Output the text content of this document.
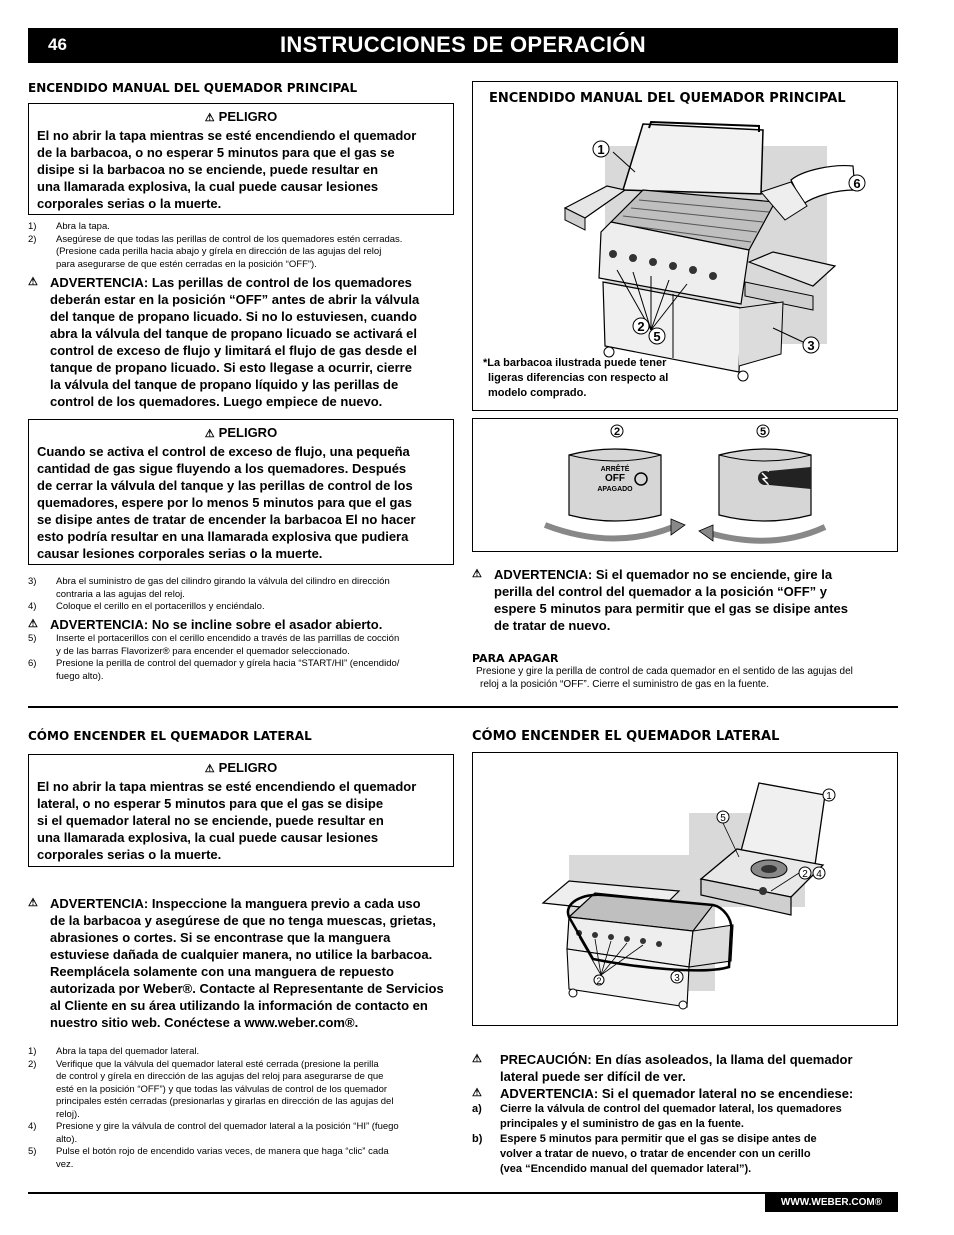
46	INSTRUCCIONES DE OPERACIÓN
ENCENDIDO MANUAL DEL QUEMADOR PRINCIPAL
⚠ PELIGRO
El no abrir la tapa mientras se esté encendiendo el quemador
de la barbacoa, o no esperar 5 minutos para que el gas se
disipe si la barbacoa no se enciende, puede resultar en
una llamarada explosiva, la cual puede causar lesiones
corporales serias o la muerte.
1)	Abra la tapa.
2)	Asegúrese de que todas las perillas de control de los quemadores estén cerradas.
(Presione cada perilla hacia abajo y gírela en dirección de las agujas del reloj
para asegurarse de que estén cerradas en la posición “OFF”).
⚠ ADVERTENCIA: Las perillas de control de los quemadores
deberán estar en la posición “OFF” antes de abrir la válvula
del tanque de propano licuado. Si no lo estuviesen, cuando
abra la válvula del tanque de propano licuado se activará el
control de exceso de flujo y limitará el flujo de gas desde el
tanque de propano licuado. Si esto llegase a ocurrir, cierre
la válvula del tanque de propano líquido y las perillas de
control de los quemadores. Luego empiece de nuevo.
⚠ PELIGRO
Cuando se activa el control de exceso de flujo, una pequeña
cantidad de gas sigue fluyendo a los quemadores. Después
de cerrar la válvula del tanque y las perillas de control de los
quemadores, espere por lo menos 5 minutos para que el gas
se disipe antes de tratar de encender la barbacoa El no hacer
esto podría resultar en una llamarada explosiva que pudiera
causar lesiones corporales serias o la muerte.
3)	Abra el suministro de gas del cilindro girando la válvula del cilindro en dirección
contraria a las agujas del reloj.
4)	Coloque el cerillo en el portacerillos y enciéndalo.
⚠ ADVERTENCIA: No se incline sobre el asador abierto.
5)	Inserte el portacerillos con el cerillo encendido a través de las parrillas de cocción
y de las barras Flavorizer® para encender el quemador seleccionado.
6)	Presione la perilla de control del quemador y gírela hacia “START/HI” (encendido/
fuego alto).
ENCENDIDO MANUAL DEL QUEMADOR PRINCIPAL
1
6
2
5
3
*La barbacoa ilustrada puede tener
ligeras diferencias con respecto al
modelo comprado.
2
ARRÊTÉ
OFF
APAGADO
5
⚠ ADVERTENCIA: Si el quemador no se enciende, gire la
perilla del control del quemador a la posición “OFF” y
espere 5 minutos para permitir que el gas se disipe antes
de tratar de nuevo.
PARA APAGAR
Presione y gire la perilla de control de cada quemador en el sentido de las agujas del
reloj a la posición “OFF”. Cierre el suministro de gas en la fuente.
CÓMO ENCENDER EL QUEMADOR LATERAL
⚠ PELIGRO
El no abrir la tapa mientras se esté encendiendo el quemador
lateral, o no esperar 5 minutos para que el gas se disipe
si el quemador lateral no se enciende, puede resultar en
una llamarada explosiva, la cual puede causar lesiones
corporales serias o la muerte.
⚠ ADVERTENCIA: Inspeccione la manguera previo a cada uso
de la barbacoa y asegúrese de que no tenga muescas, grietas,
abrasiones o cortes. Si se encontrase que la manguera
estuviese dañada de cualquier manera, no utilice la barbacoa.
Reemplácela solamente con una manguera de repuesto
autorizada por Weber®. Contacte al Representante de Servicios
al Cliente en su área utilizando la información de contacto en
nuestro sitio web. Conéctese a www.weber.com®.
1)	Abra la tapa del quemador lateral.
2)	Verifique que la válvula del quemador lateral esté cerrada (presione la perilla
de control y gírela en dirección de las agujas del reloj para asegurarse de que
esté en la posición “OFF”) y que todas las válvulas de control de los quemador
principales estén cerradas (presionarlas y girarlas en dirección de las agujas del
reloj).
4)	Presione y gire la válvula de control del quemador lateral a la posición “HI” (fuego
alto).
5)	Pulse el botón rojo de encendido varias veces, de manera que haga “clic” cada
vez.
CÓMO ENCENDER EL QUEMADOR LATERAL
1
5
2 4
2	3
⚠	PRECAUCIÓN: En días asoleados, la llama del quemador
lateral puede ser difícil de ver.
⚠	ADVERTENCIA: Si el quemador lateral no se encendiese:
a)	Cierre la válvula de control del quemador lateral, los quemadores
principales y el suministro de gas en la fuente.
b)	Espere 5 minutos para permitir que el gas se disipe antes de
volver a tratar de nuevo, o tratar de encender con un cerillo
(vea “Encendido manual del quemador lateral”).
WWW.WEBER.COM®
